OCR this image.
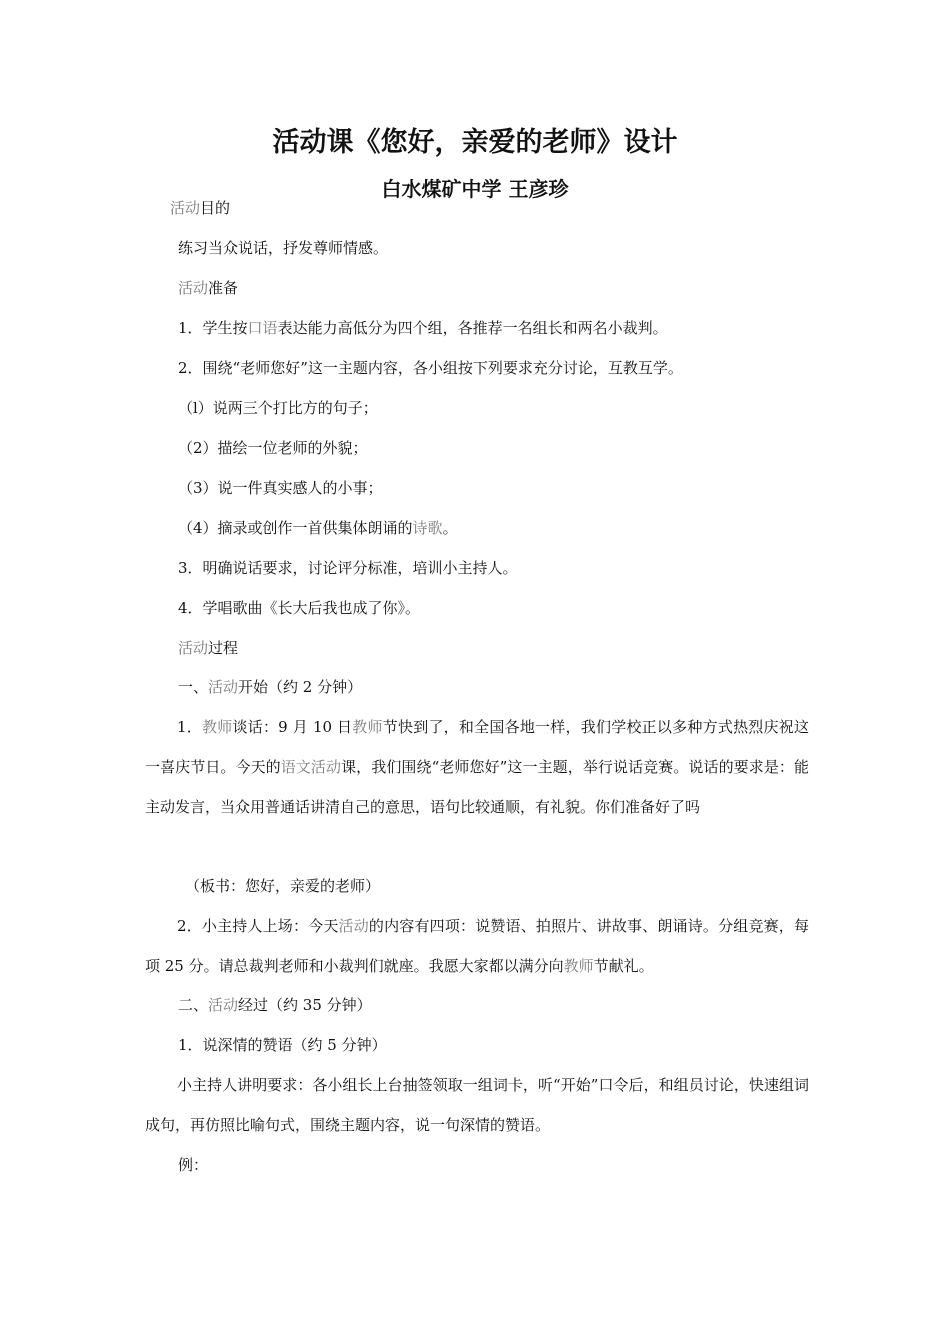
活动课《您好，亲爱的老师》设计
白水煤矿中学 王彦珍
活动目的
练习当众说话，抒发尊师情感。
活动准备
1．学生按口语表达能力高低分为四个组，各推荐一名组长和两名小裁判。
2．围绕“老师您好”这一主题内容，各小组按下列要求充分讨论，互教互学。
（l）说两三个打比方的句子；
（2）描绘一位老师的外貌；
（3）说一件真实感人的小事；
（4）摘录或创作一首供集体朗诵的诗歌。
3．明确说话要求，讨论评分标准，培训小主持人。
4．学唱歌曲《长大后我也成了你》。
活动过程
一、活动开始（约 2 分钟）
1．教师谈话：9 月 10 日教师节快到了，和全国各地一样，我们学校正以多种方式热烈庆祝这一喜庆节日。今天的语文活动课，我们围绕“老师您好”这一主题，举行说话竞赛。说话的要求是：能主动发言，当众用普通话讲清自己的意思，语句比较通顺，有礼貌。你们准备好了吗
（板书：您好，亲爱的老师）
2．小主持人上场：今天活动的内容有四项：说赞语、拍照片、讲故事、朗诵诗。分组竞赛，每项 25 分。请总裁判老师和小裁判们就座。我愿大家都以满分向教师节献礼。
二、活动经过（约 35 分钟）
1．说深情的赞语（约 5 分钟）
小主持人讲明要求：各小组长上台抽签领取一组词卡，听“开始”口令后，和组员讨论，快速组词成句，再仿照比喻句式，围绕主题内容，说一句深情的赞语。
例：
